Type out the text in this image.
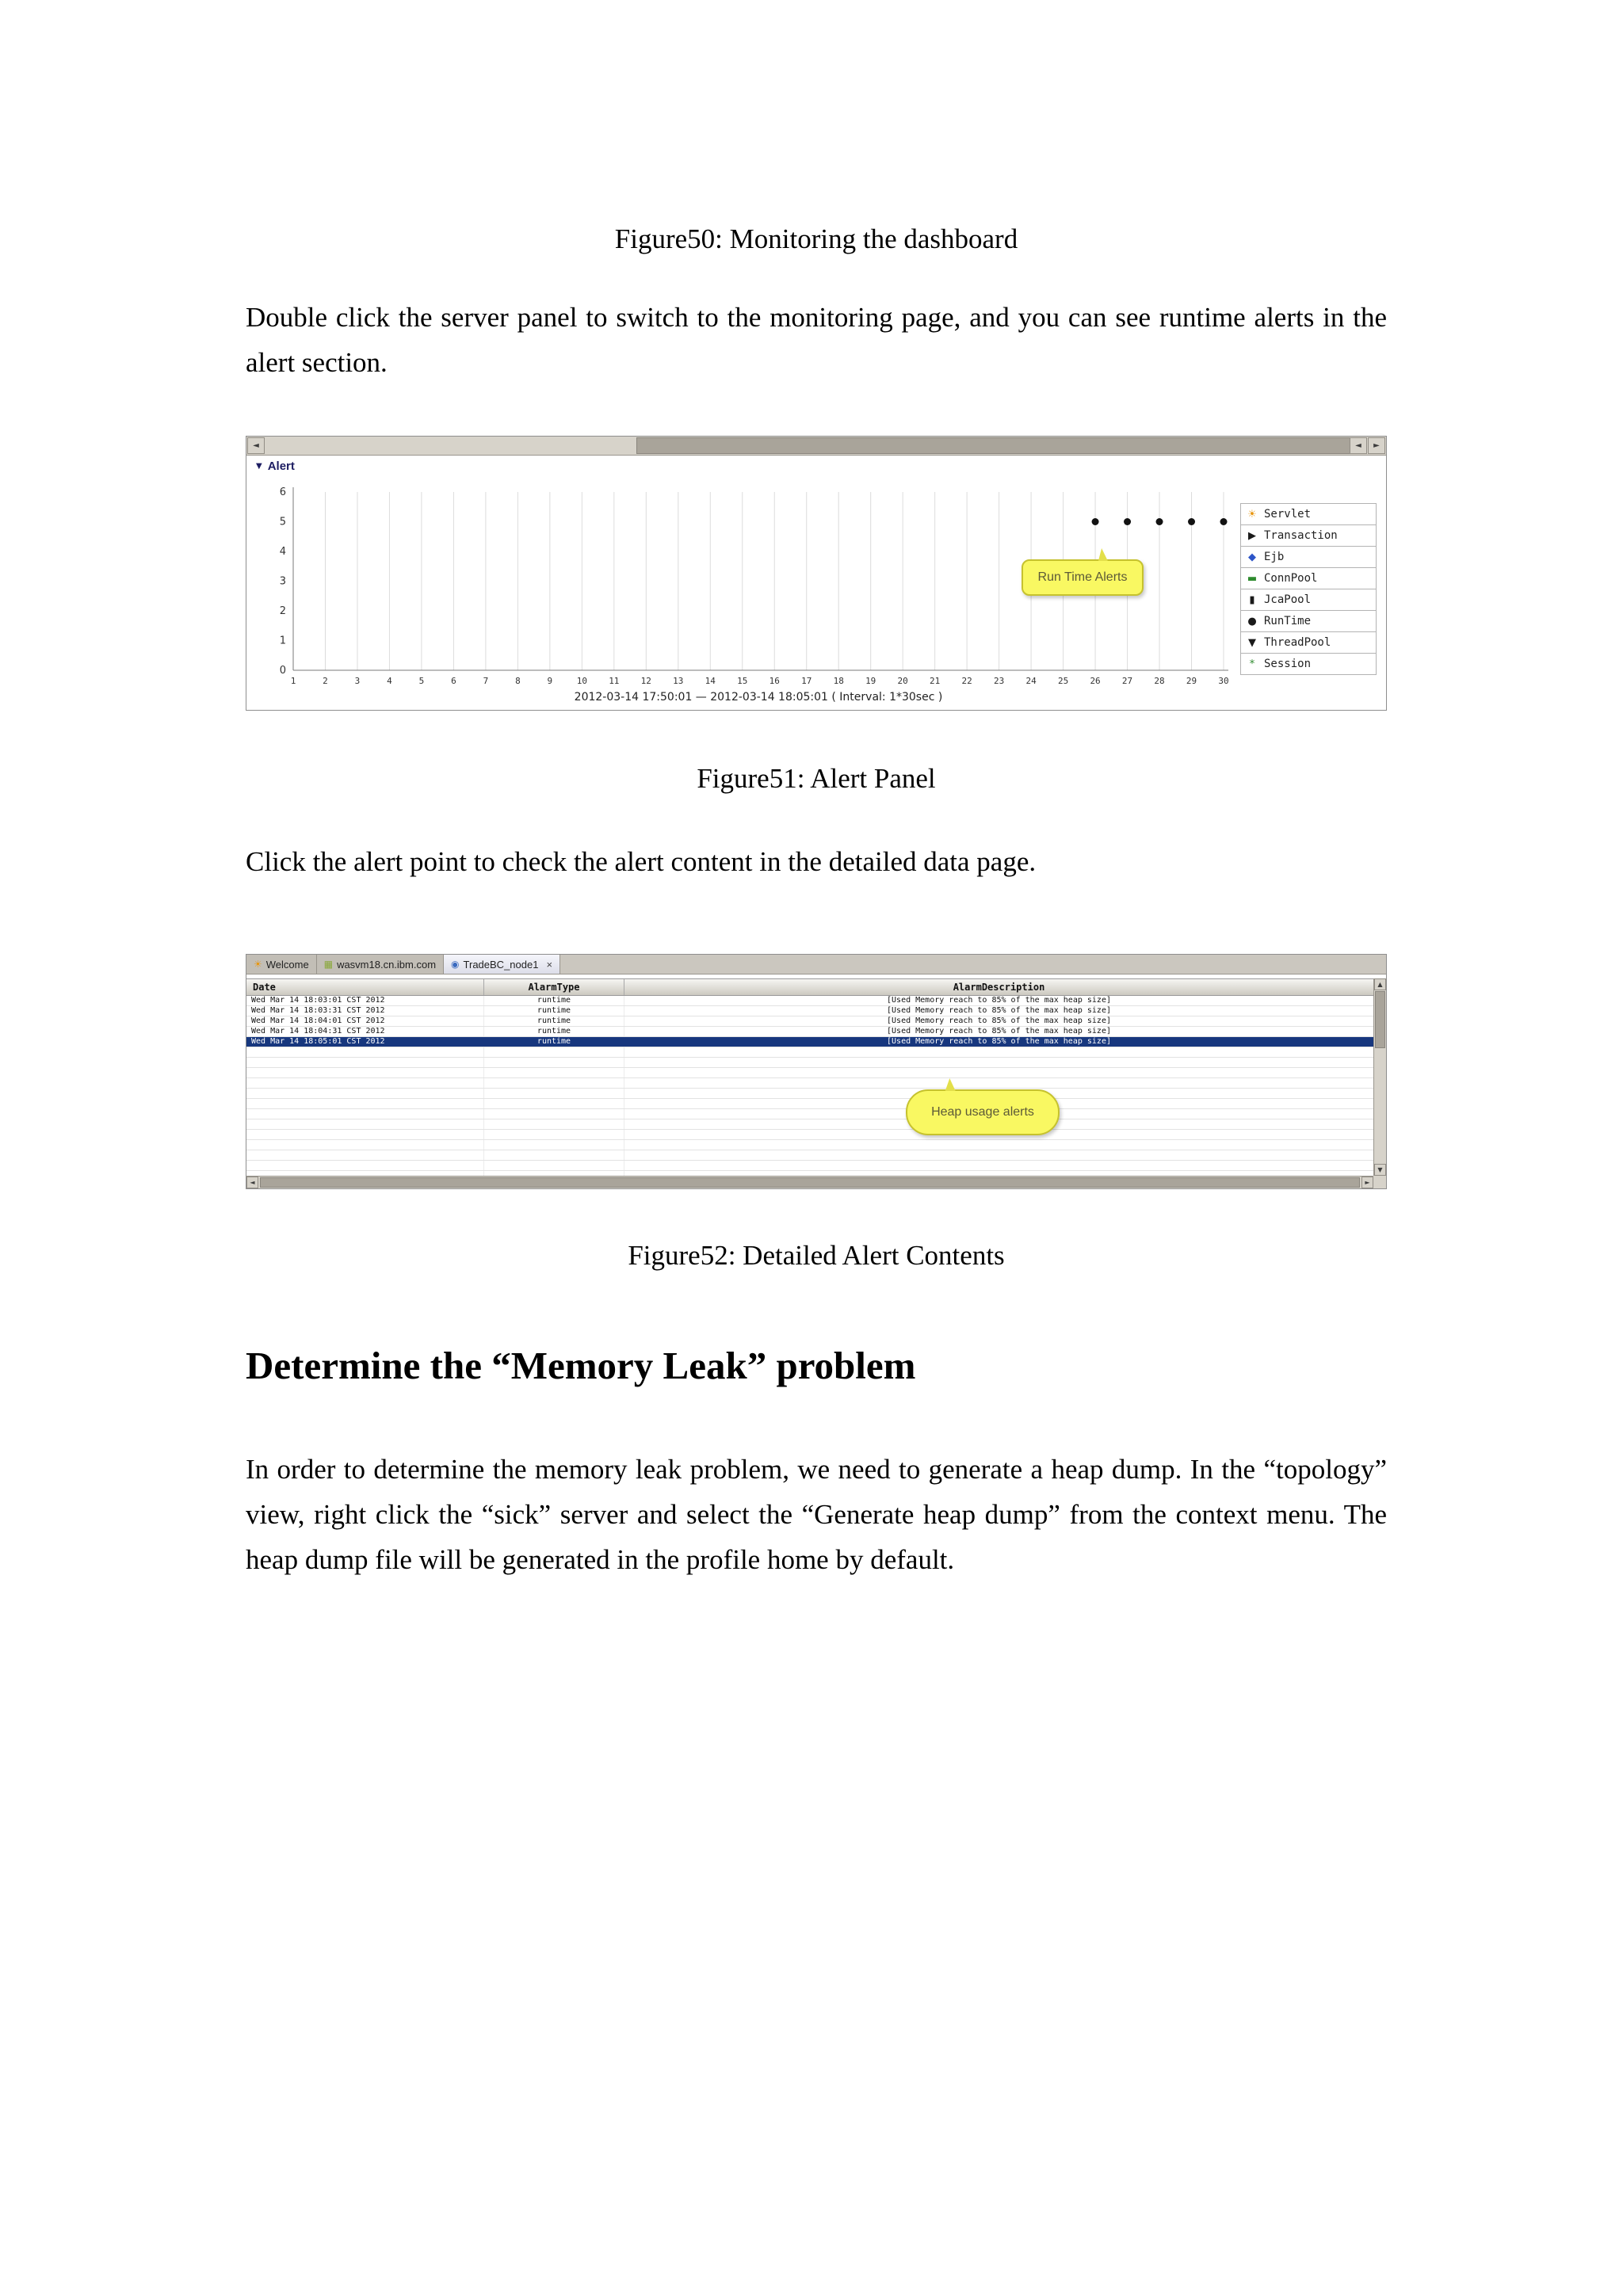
Figure50: Monitoring the dashboard

Double click the server panel to switch to the monitoring page, and you can see runtime alerts in the alert section.

◄	◄	►
▼ Alert
1	2	3	4	5	6	7	8	9	10 11 12 13 14 15 16 17 18 19 20 21 22 23 24 25 26 27 28 29 30
0
1
2
3
4
5
6
2012-03-14 17:50:01 — 2012-03-14 18:05:01 ( Interval: 1*30sec )
Run Time Alerts
☀ Servlet
▶ Transaction
◆ Ejb
▬ ConnPool
▮ JcaPool
● RunTime
▼ ThreadPool
* Session

Figure51: Alert Panel

Click the alert point to check the alert content in the detailed data page.

☀ Welcome ▦ wasvm18.cn.ibm.com ◉ TradeBC_node1 ×
Date	AlarmType	AlarmDescription
Wed Mar 14 18:03:01 CST 2012	runtime	[Used Memory reach to 85% of the max heap size]
Wed Mar 14 18:03:31 CST 2012	runtime	[Used Memory reach to 85% of the max heap size]
Wed Mar 14 18:04:01 CST 2012	runtime	[Used Memory reach to 85% of the max heap size]
Wed Mar 14 18:04:31 CST 2012	runtime	[Used Memory reach to 85% of the max heap size]
Wed Mar 14 18:05:01 CST 2012	runtime	[Used Memory reach to 85% of the max heap size]
▲
▼
◄	►
Heap usage alerts

Figure52: Detailed Alert Contents

Determine the “Memory Leak” problem

In order to determine the memory leak problem, we need to generate a heap dump. In the “topology” view, right click the “sick” server and select the “Generate heap dump” from the context menu. The heap dump file will be generated in the profile home by default.
